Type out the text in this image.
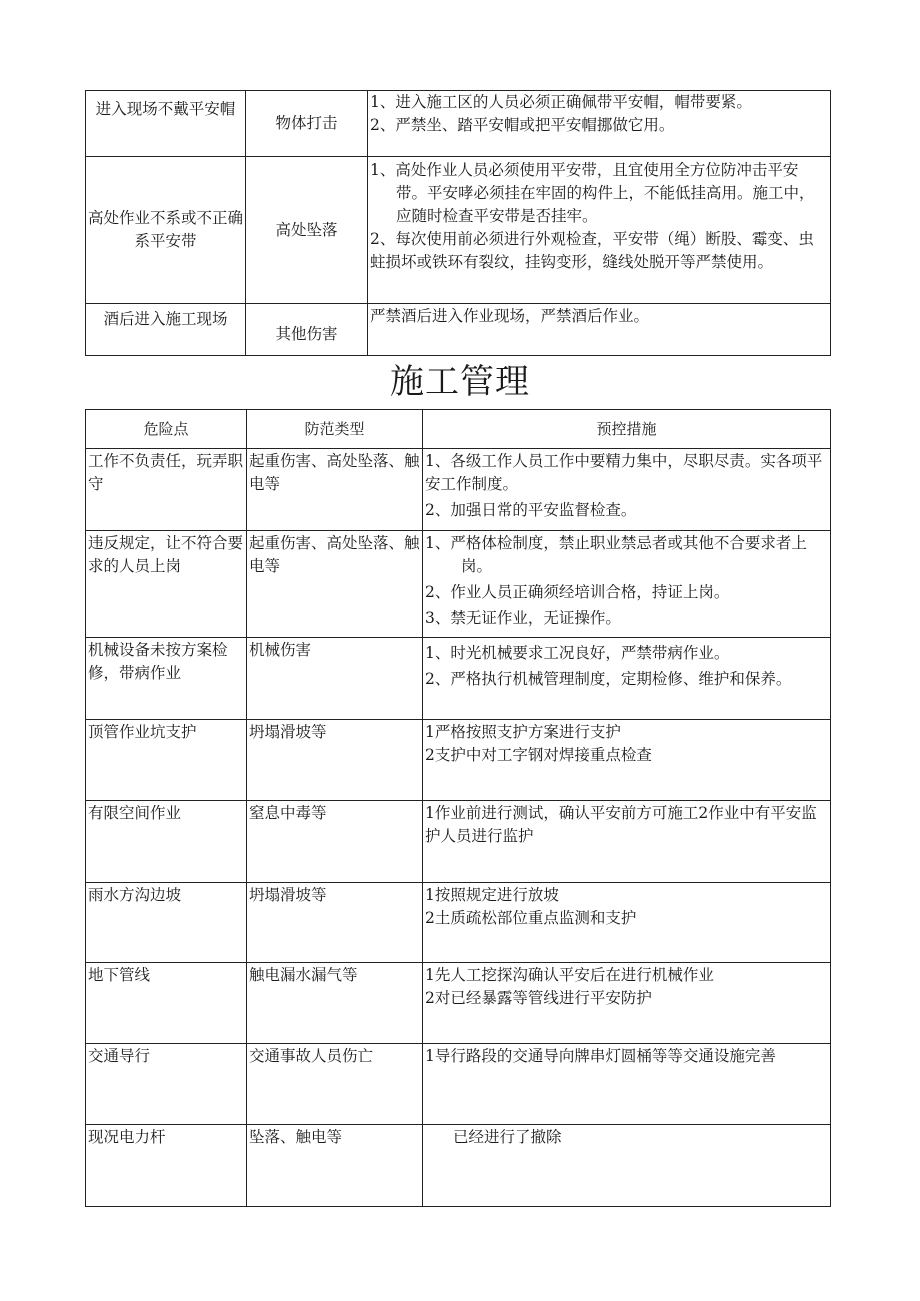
进入现场不戴平安帽	物体打击	1、进入施工区的人员必须正确佩带平安帽，帽带要紧。
2、严禁坐、踏平安帽或把平安帽挪做它用。

高处作业不系或不正确系平安带	高处坠落	1、高处作业人员必须使用平安带，且宜使用全方位防冲击平安带。平安哮必须挂在牢固的构件上，不能低挂高用。施工中，应随时检查平安带是否挂牢。
2、每次使用前必须进行外观检查，平安带（绳）断股、霉变、虫蛀损坏或铁环有裂纹，挂钩变形，缝线处脱开等严禁使用。

酒后进入施工现场	其他伤害	严禁酒后进入作业现场，严禁酒后作业。
施工管理
危险点	防范类型	预控措施
工作不负责任，玩弄职守	起重伤害、高处坠落、触电等	1、各级工作人员工作中要精力集中，尽职尽责。实各项平安工作制度。
2、加强日常的平安监督检查。

违反规定，让不符合要求的人员上岗	起重伤害、高处坠落、触电等	1、严格体检制度，禁止职业禁忌者或其他不合要求者上岗。
2、作业人员正确须经培训合格，持证上岗。
3、禁无证作业，无证操作。

机械设备未按方案检修，带病作业	机械伤害	1、时光机械要求工况良好，严禁带病作业。
2、严格执行机械管理制度，定期检修、维护和保养。

顶管作业坑支护	坍塌滑坡等	1严格按照支护方案进行支护
2支护中对工字钢对焊接重点检查

有限空间作业	窒息中毒等	1作业前进行测试，确认平安前方可施工2作业中有平安监护人员进行监护

雨水方沟边坡	坍塌滑坡等	1按照规定进行放坡
2土质疏松部位重点监测和支护

地下管线	触电漏水漏气等	1先人工挖探沟确认平安后在进行机械作业
2对已经暴露等管线进行平安防护

交通导行	交通事故人员伤亡	1导行路段的交通导向牌串灯圆桶等等交通设施完善

现况电力杆	坠落、触电等	已经进行了撤除
